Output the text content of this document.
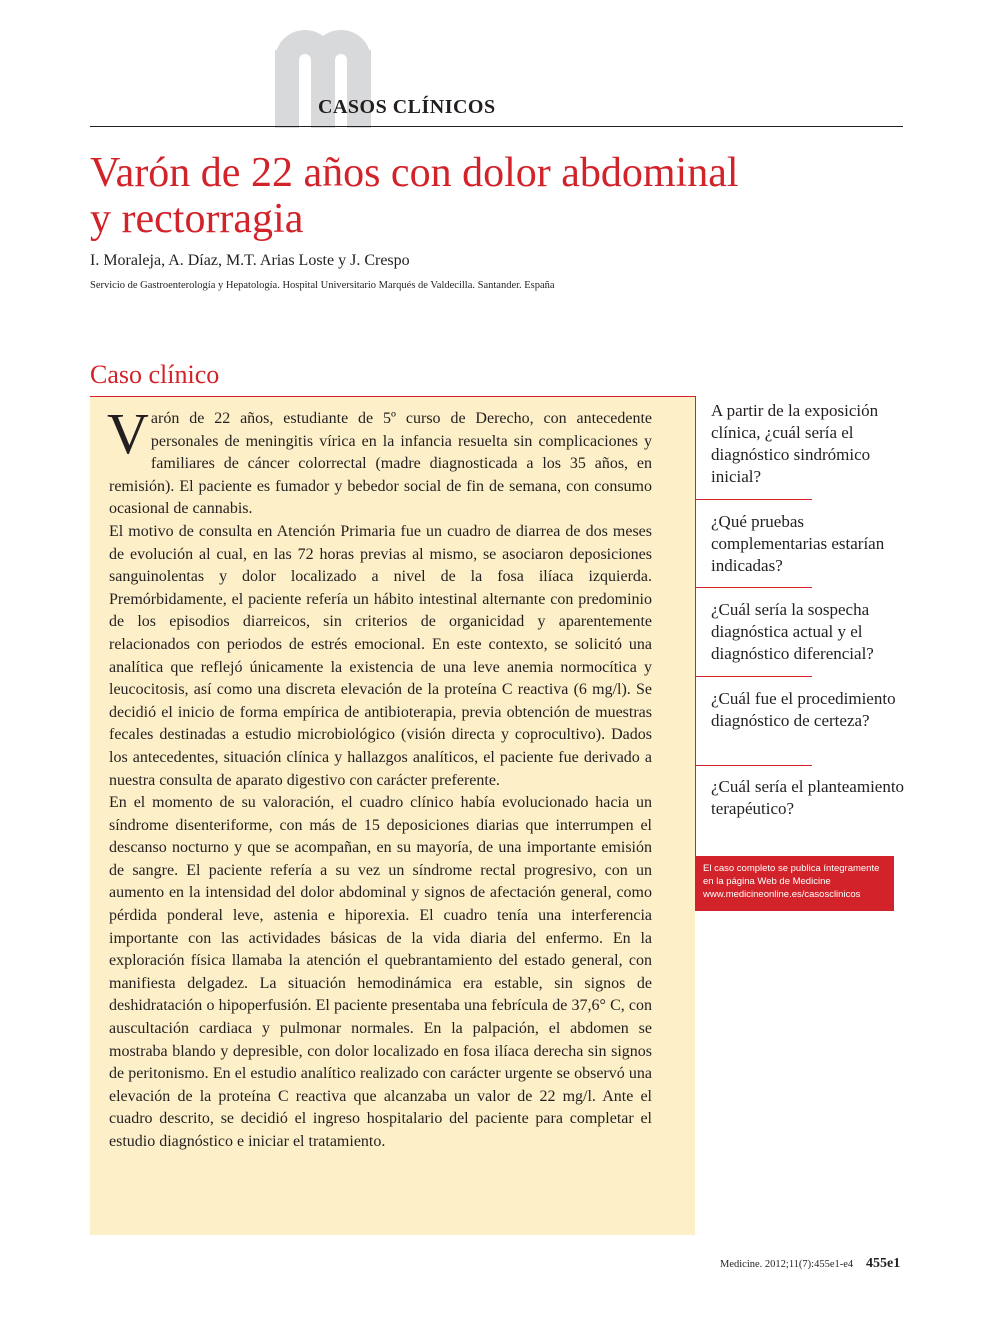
CASOS CLÍNICOS
Varón de 22 años con dolor abdominal
y rectorragia
I. Moraleja, A. Díaz, M.T. Arias Loste y J. Crespo
Servicio de Gastroenterología y Hepatología. Hospital Universitario Marqués de Valdecilla. Santander. España
Caso clínico

Varón de 22 años, estudiante de 5º curso de Derecho, con antecedente personales de meningitis vírica en la infancia resuelta sin complicaciones y familiares de cáncer colorrectal (madre diagnosticada a los 35 años, en remisión). El paciente es fumador y bebedor social de fin de semana, con consumo ocasional de cannabis.

El motivo de consulta en Atención Primaria fue un cuadro de diarrea de dos meses de evolución al cual, en las 72 horas previas al mismo, se asociaron deposiciones sanguinolentas y dolor localizado a nivel de la fosa ilíaca izquierda. Premórbidamente, el paciente refería un hábito intestinal alternante con predominio de los episodios diarreicos, sin criterios de organicidad y aparentemente relacionados con periodos de estrés emocional. En este contexto, se solicitó una analítica que reflejó únicamente la existencia de una leve anemia normocítica y leucocitosis, así como una discreta elevación de la proteína C reactiva (6 mg/l). Se decidió el inicio de forma empírica de antibioterapia, previa obtención de muestras fecales destinadas a estudio microbiológico (visión directa y coprocultivo). Dados los antecedentes, situación clínica y hallazgos analíticos, el paciente fue derivado a nuestra consulta de aparato digestivo con carácter preferente.

En el momento de su valoración, el cuadro clínico había evolucionado hacia un síndrome disenteriforme, con más de 15 deposiciones diarias que interrumpen el descanso nocturno y que se acompañan, en su mayoría, de una importante emisión de sangre. El paciente refería a su vez un síndrome rectal progresivo, con un aumento en la intensidad del dolor abdominal y signos de afectación general, como pérdida ponderal leve, astenia e hiporexia. El cuadro tenía una interferencia importante con las actividades básicas de la vida diaria del enfermo. En la exploración física llamaba la atención el quebrantamiento del estado general, con manifiesta delgadez. La situación hemodinámica era estable, sin signos de deshidratación o hipoperfusión. El paciente presentaba una febrícula de 37,6° C, con auscultación cardiaca y pulmonar normales. En la palpación, el abdomen se mostraba blando y depresible, con dolor localizado en fosa ilíaca derecha sin signos de peritonismo. En el estudio analítico realizado con carácter urgente se observó una elevación de la proteína C reactiva que alcanzaba un valor de 22 mg/l. Ante el cuadro descrito, se decidió el ingreso hospitalario del paciente para completar el estudio diagnóstico e iniciar el tratamiento.

A partir de la exposición clínica, ¿cuál sería el diagnóstico sindrómico inicial?
¿Qué pruebas complementarias estarían indicadas?
¿Cuál sería la sospecha diagnóstica actual y el diagnóstico diferencial?
¿Cuál fue el procedimiento diagnóstico de certeza?
¿Cuál sería el planteamiento terapéutico?
El caso completo se publica íntegramente
en la página Web de Medicine
www.medicineonline.es/casosclinicos
Medicine. 2012;11(7):455e1-e4 455e1
